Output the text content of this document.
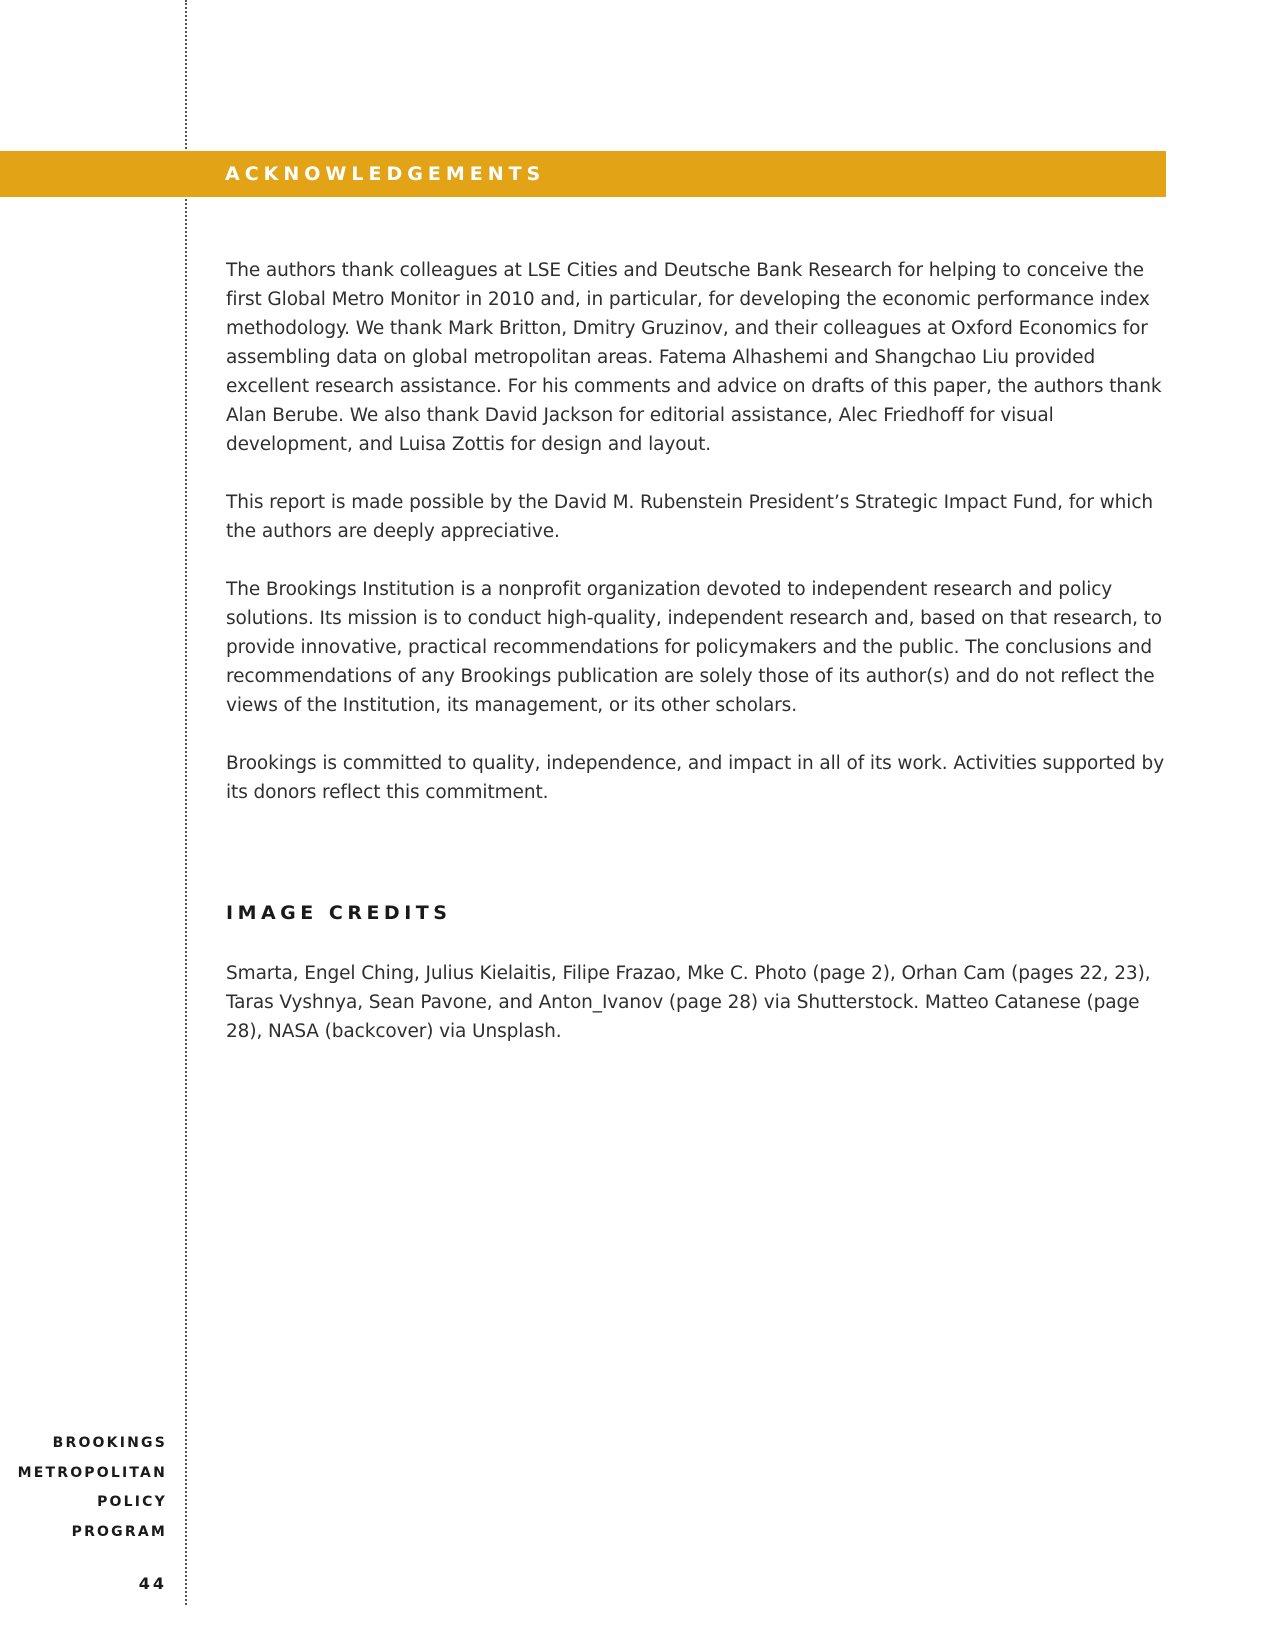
ACKNOWLEDGEMENTS

The authors thank colleagues at LSE Cities and Deutsche Bank Research for helping to conceive the first Global Metro Monitor in 2010 and, in particular, for developing the economic performance index methodology. We thank Mark Britton, Dmitry Gruzinov, and their colleagues at Oxford Economics for assembling data on global metropolitan areas. Fatema Alhashemi and Shangchao Liu provided excellent research assistance. For his comments and advice on drafts of this paper, the authors thank Alan Berube. We also thank David Jackson for editorial assistance, Alec Friedhoff for visual development, and Luisa Zottis for design and layout.

This report is made possible by the David M. Rubenstein President’s Strategic Impact Fund, for which the authors are deeply appreciative.

The Brookings Institution is a nonprofit organization devoted to independent research and policy solutions. Its mission is to conduct high-quality, independent research and, based on that research, to provide innovative, practical recommendations for policymakers and the public. The conclusions and recommendations of any Brookings publication are solely those of its author(s) and do not reflect the views of the Institution, its management, or its other scholars.

Brookings is committed to quality, independence, and impact in all of its work. Activities supported by its donors reflect this commitment.

IMAGE CREDITS

Smarta, Engel Ching, Julius Kielaitis, Filipe Frazao, Mke C. Photo (page 2), Orhan Cam (pages 22, 23), Taras Vyshnya, Sean Pavone, and Anton_Ivanov (page 28) via Shutterstock. Matteo Catanese (page 28), NASA (backcover) via Unsplash.

BROOKINGS
METROPOLITAN
POLICY
PROGRAM
44
